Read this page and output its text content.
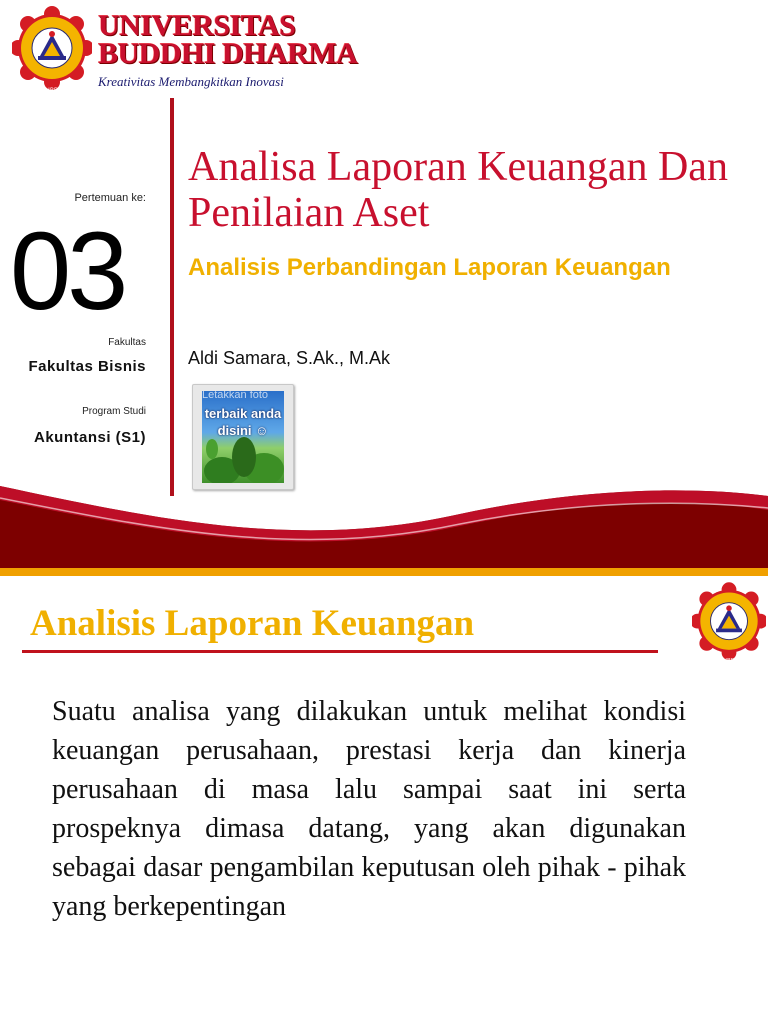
UBD
UNIVERSITAS
BUDDHI DHARMA
Kreativitas Membangkitkan Inovasi
Pertemuan ke:
03
Fakultas
Fakultas Bisnis
Program Studi
Akuntansi (S1)
Analisa Laporan Keuangan Dan Penilaian Aset
Analisis Perbandingan Laporan Keuangan
Aldi Samara, S.Ak., M.Ak
Letakkan foto
terbaik anda disini ☺
Analisis Laporan Keuangan
UBD
Suatu analisa yang dilakukan untuk melihat kondisi keuangan perusahaan, prestasi kerja dan kinerja perusahaan di masa lalu sampai saat ini serta prospeknya dimasa datang, yang akan digunakan sebagai dasar pengambilan keputusan oleh pihak - pihak yang berkepentingan
